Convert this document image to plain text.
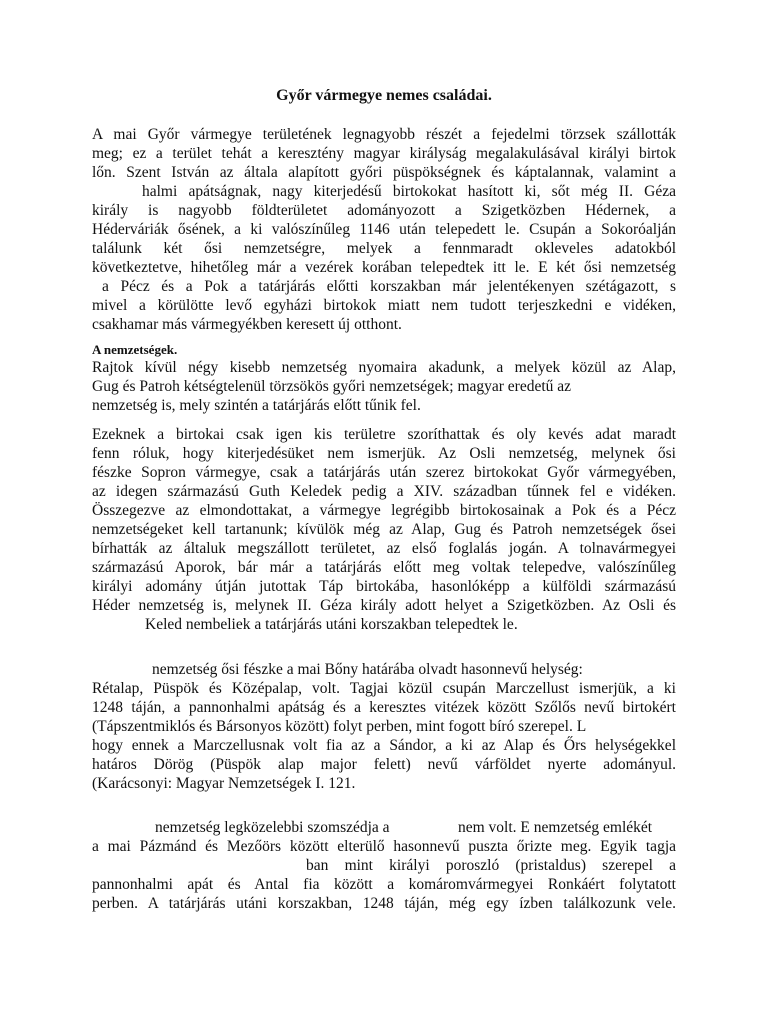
Győr vármegye nemes családai.
A mai Győr vármegye területének legnagyobb részét a fejedelmi törzsek szállották
meg; ez a terület tehát a keresztény magyar királyság megalakulásával királyi birtok
lőn. Szent István az általa alapított győri püspökségnek és káptalannak, valamint a
halmi apátságnak, nagy kiterjedésű birtokokat hasított ki, sőt még II. Géza
király is nagyobb földterületet adományozott a Szigetközben Hédernek, a
Héderváriák ősének, a ki valószínűleg 1146 után telepedett le. Csupán a Sokoróalján
találunk két ősi nemzetségre, melyek a fennmaradt okleveles adatokból
következtetve, hihetőleg már a vezérek korában telepedtek itt le. E két ősi nemzetség
a Pécz és a Pok a tatárjárás előtti korszakban már jelentékenyen szétágazott, s
mivel a körülötte levő egyházi birtokok miatt nem tudott terjeszkedni e vidéken,
csakhamar más vármegyékben keresett új otthont.
A nemzetségek.
Rajtok kívül négy kisebb nemzetség nyomaira akadunk, a melyek közül az Alap,
Gug és Patroh kétségtelenül törzsökös győri nemzetségek; magyar eredetű az
nemzetség is, mely szintén a tatárjárás előtt tűnik fel.
Ezeknek a birtokai csak igen kis területre szoríthattak és oly kevés adat maradt
fenn róluk, hogy kiterjedésüket nem ismerjük. Az Osli nemzetség, melynek ősi
fészke Sopron vármegye, csak a tatárjárás után szerez birtokokat Győr vármegyében,
az idegen származású Guth Keledek pedig a XIV. században tűnnek fel e vidéken.
Összegezve az elmondottakat, a vármegye legrégibb birtokosainak a Pok és a Pécz
nemzetségeket kell tartanunk; kívülök még az Alap, Gug és Patroh nemzetségek ősei
bírhatták az általuk megszállott területet, az első foglalás jogán. A tolnavármegyei
származású Aporok, bár már a tatárjárás előtt meg voltak telepedve, valószínűleg
királyi adomány útján jutottak Táp birtokába, hasonlóképp a külföldi származású
Héder nemzetség is, melynek II. Géza király adott helyet a Szigetközben. Az Osli és
Keled nembeliek a tatárjárás utáni korszakban telepedtek le.
nemzetség ősi fészke a mai Bőny határába olvadt hasonnevű helység:
Rétalap, Püspök és Középalap, volt. Tagjai közül csupán Marczellust ismerjük, a ki
1248 táján, a pannonhalmi apátság és a keresztes vitézek között Szőlős nevű birtokért
(Tápszentmiklós és Bársonyos között) folyt perben, mint fogott bíró szerepel. L
hogy ennek a Marczellusnak volt fia az a Sándor, a ki az Alap és Őrs helységekkel
határos Dörög (Püspök alap major felett) nevű várföldet nyerte adományul.
(Karácsonyi: Magyar Nemzetségek I. 121.
nemzetség legközelebbi szomszédja a	nem volt. E nemzetség emlékét
a mai Pázmánd és Mezőörs között elterülő hasonnevű puszta őrizte meg. Egyik tagja
ban mint királyi poroszló (pristaldus) szerepel a
pannonhalmi apát és Antal fia között a komáromvármegyei Ronkáért folytatott
perben. A tatárjárás utáni korszakban, 1248 táján, még egy ízben találkozunk vele.
